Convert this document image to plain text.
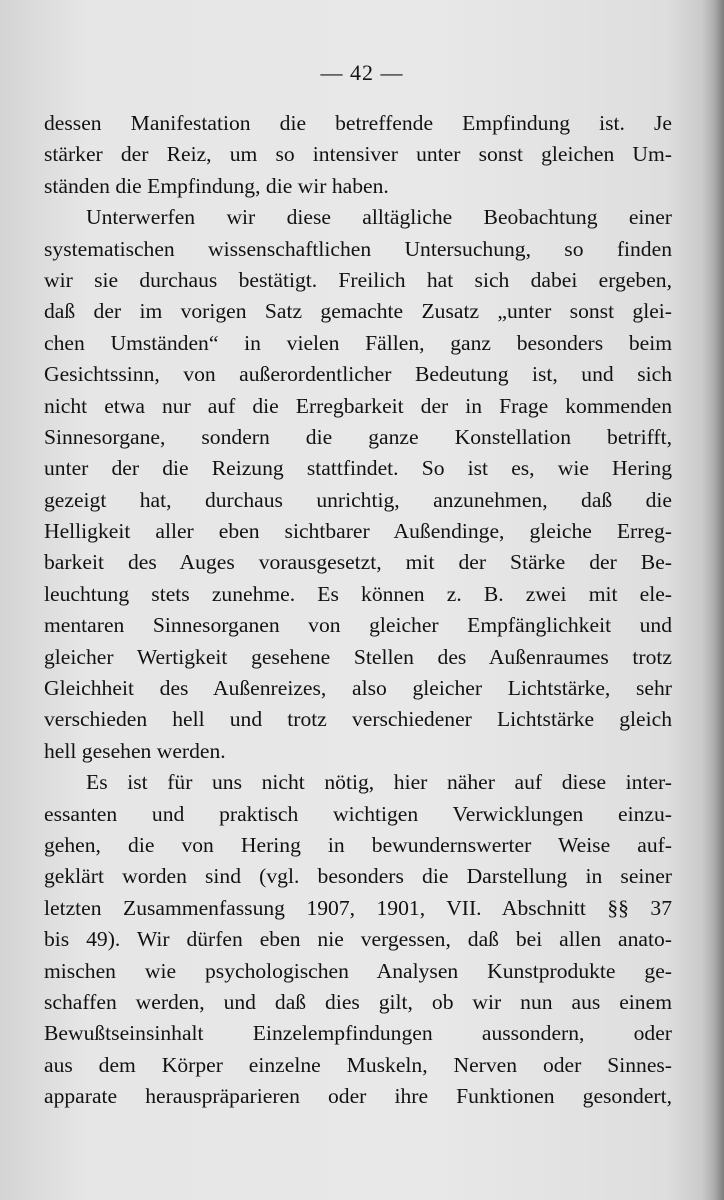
— 42 —
dessen Manifestation die betreffende Empfindung ist. Je
stärker der Reiz, um so intensiver unter sonst gleichen Um-
ständen die Empfindung, die wir haben.
Unterwerfen wir diese alltägliche Beobachtung einer
systematischen wissenschaftlichen Untersuchung, so finden
wir sie durchaus bestätigt. Freilich hat sich dabei ergeben,
daß der im vorigen Satz gemachte Zusatz „unter sonst glei-
chen Umständen“ in vielen Fällen, ganz besonders beim
Gesichtssinn, von außerordentlicher Bedeutung ist, und sich
nicht etwa nur auf die Erregbarkeit der in Frage kommenden
Sinnesorgane, sondern die ganze Konstellation betrifft,
unter der die Reizung stattfindet. So ist es, wie Hering
gezeigt hat, durchaus unrichtig, anzunehmen, daß die
Helligkeit aller eben sichtbarer Außendinge, gleiche Erreg-
barkeit des Auges vorausgesetzt, mit der Stärke der Be-
leuchtung stets zunehme. Es können z. B. zwei mit ele-
mentaren Sinnesorganen von gleicher Empfänglichkeit und
gleicher Wertigkeit gesehene Stellen des Außenraumes trotz
Gleichheit des Außenreizes, also gleicher Lichtstärke, sehr
verschieden hell und trotz verschiedener Lichtstärke gleich
hell gesehen werden.
Es ist für uns nicht nötig, hier näher auf diese inter-
essanten und praktisch wichtigen Verwicklungen einzu-
gehen, die von Hering in bewundernswerter Weise auf-
geklärt worden sind (vgl. besonders die Darstellung in seiner
letzten Zusammenfassung 1907, 1901, VII. Abschnitt §§ 37
bis 49). Wir dürfen eben nie vergessen, daß bei allen anato-
mischen wie psychologischen Analysen Kunstprodukte ge-
schaffen werden, und daß dies gilt, ob wir nun aus einem
Bewußtseinsinhalt Einzelempfindungen aussondern, oder
aus dem Körper einzelne Muskeln, Nerven oder Sinnes-
apparate herauspräparieren oder ihre Funktionen gesondert,
